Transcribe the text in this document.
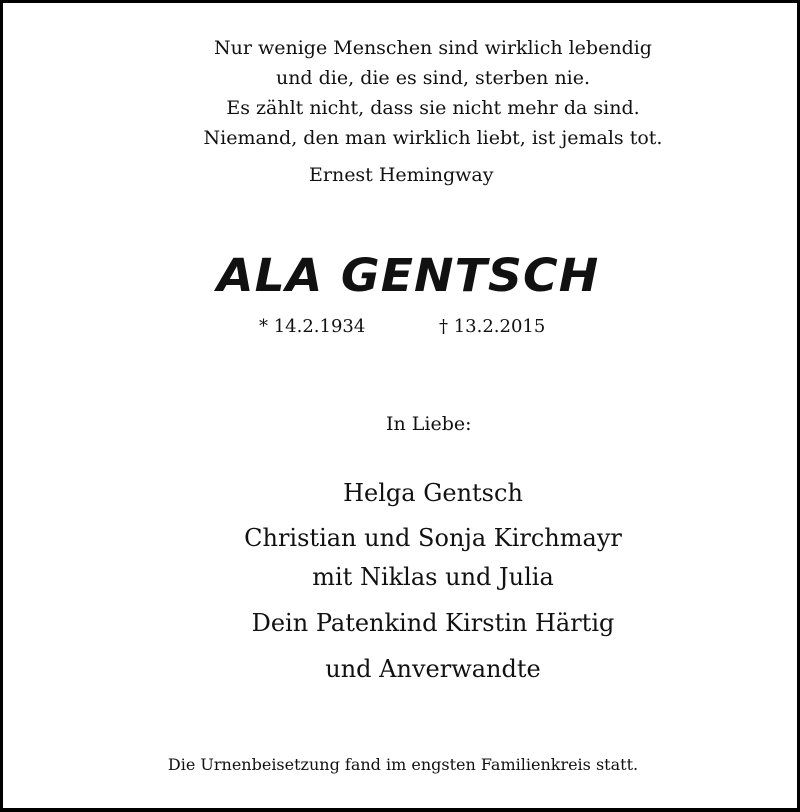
Nur wenige Menschen sind wirklich lebendig
und die, die es sind, sterben nie.
Es zählt nicht, dass sie nicht mehr da sind.
Niemand, den man wirklich liebt, ist jemals tot.
Ernest Hemingway
ALA GENTSCH
* 14.2.1934	† 13.2.2015
In Liebe:
Helga Gentsch
Christian und Sonja Kirchmayr
mit Niklas und Julia
Dein Patenkind Kirstin Härtig
und Anverwandte
Die Urnenbeisetzung fand im engsten Familienkreis statt.
